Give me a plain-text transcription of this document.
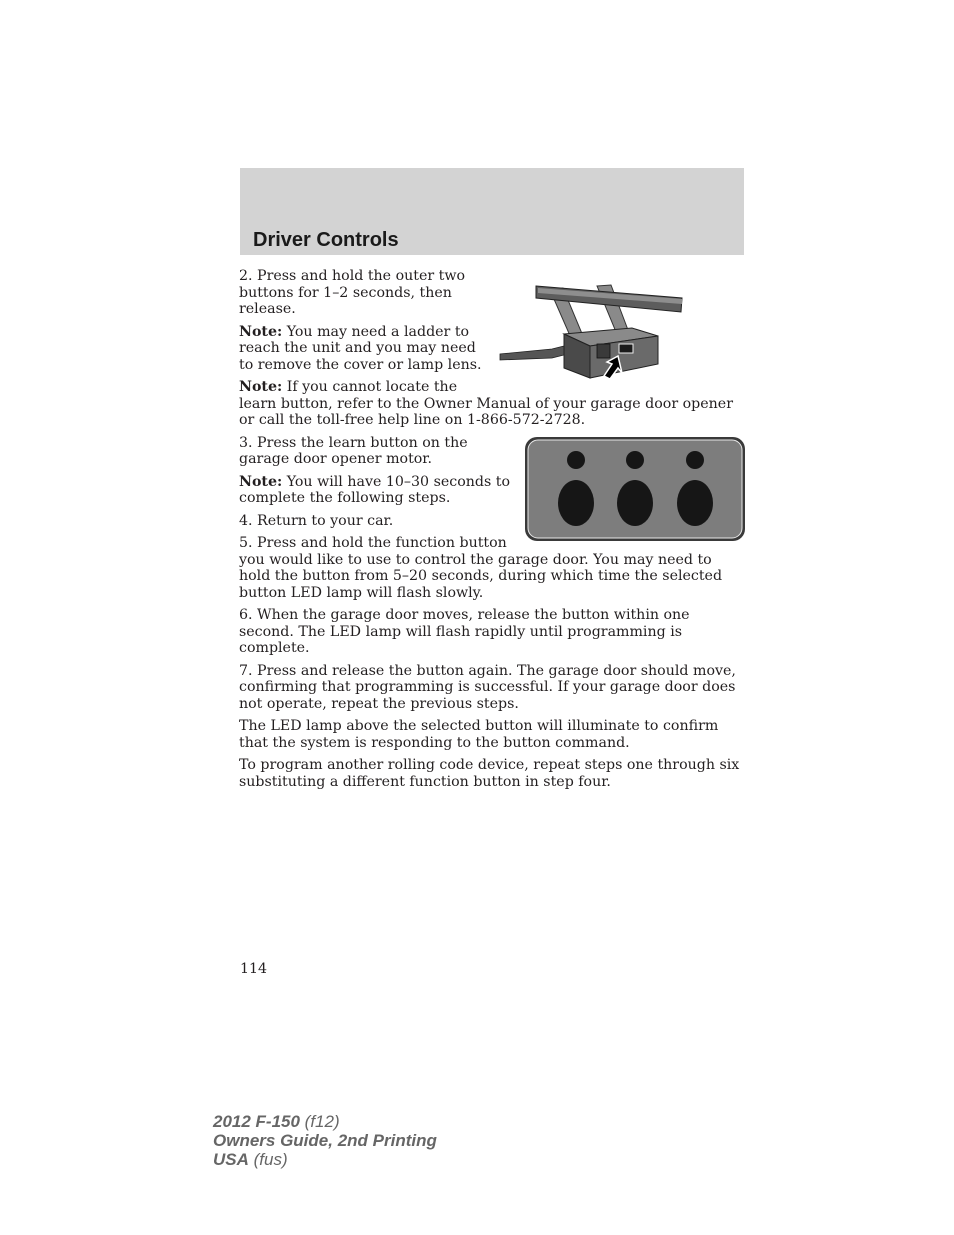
Driver Controls

2. Press and hold the outer two buttons for 1–2 seconds, then release.

Note: You may need a ladder to reach the unit and you may need to remove the cover or lamp lens.

Note: If you cannot locate the learn button, refer to the Owner Manual of your garage door opener or call the toll-free help line on 1-866-572-2728.

3. Press the learn button on the garage door opener motor.

Note: You will have 10–30 seconds to complete the following steps.

4. Return to your car.

5. Press and hold the function button you would like to use to control the garage door. You may need to hold the button from 5–20 seconds, during which time the selected button LED lamp will flash slowly.

6. When the garage door moves, release the button within one second. The LED lamp will flash rapidly until programming is complete.

7. Press and release the button again. The garage door should move, confirming that programming is successful. If your garage door does not operate, repeat the previous steps.

The LED lamp above the selected button will illuminate to confirm that the system is responding to the button command.

To program another rolling code device, repeat steps one through six substituting a different function button in step four.

114
2012 F-150 (f12)
Owners Guide, 2nd Printing
USA (fus)
